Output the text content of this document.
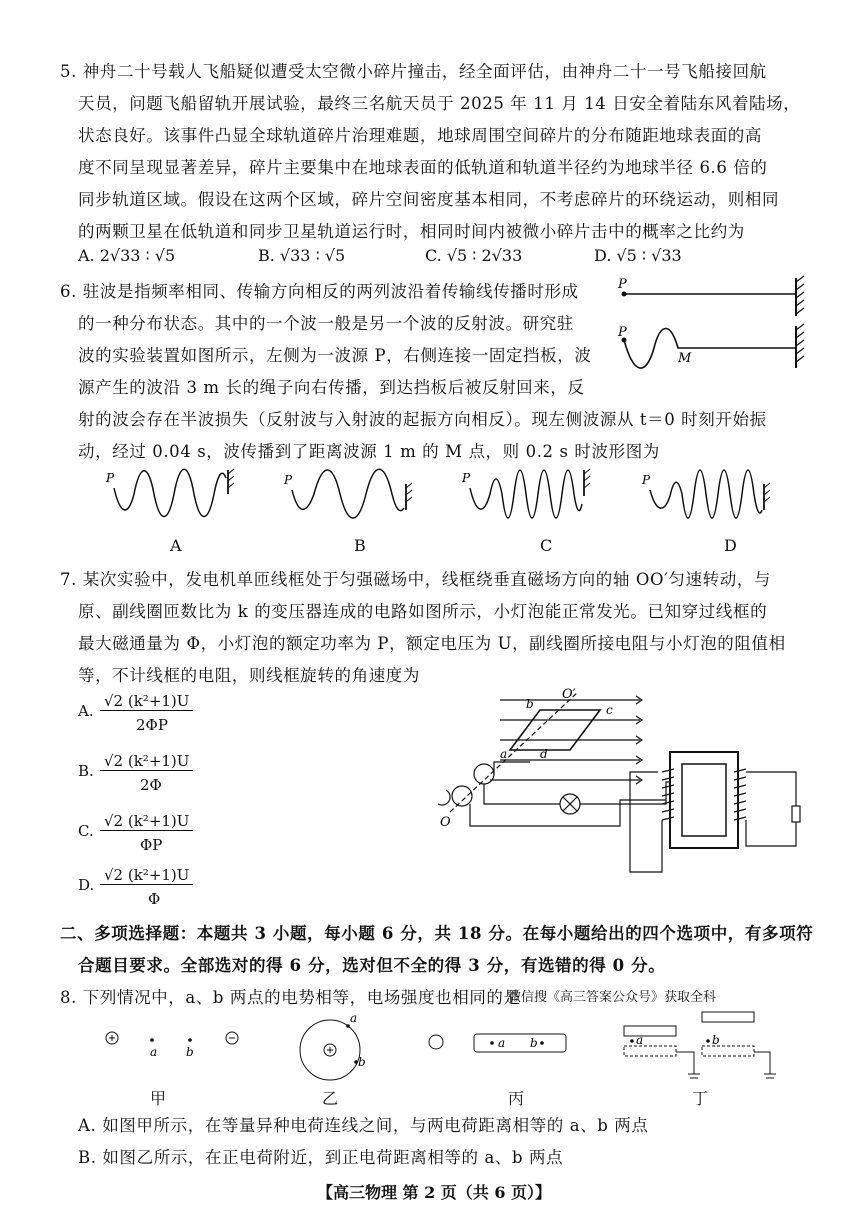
5. 神舟二十号载人飞船疑似遭受太空微小碎片撞击，经全面评估，由神舟二十一号飞船接回航
天员，问题飞船留轨开展试验，最终三名航天员于 2025 年 11 月 14 日安全着陆东风着陆场，
状态良好。该事件凸显全球轨道碎片治理难题，地球周围空间碎片的分布随距地球表面的高
度不同呈现显著差异，碎片主要集中在地球表面的低轨道和轨道半径约为地球半径 6.6 倍的
同步轨道区域。假设在这两个区域，碎片空间密度基本相同，不考虑碎片的环绕运动，则相同
的两颗卫星在低轨道和同步卫星轨道运行时，相同时间内被微小碎片击中的概率之比约为
A. 2√33 ∶ √5	B. √33 ∶ √5	C. √5 ∶ 2√33	D. √5 ∶ √33
6. 驻波是指频率相同、传输方向相反的两列波沿着传输线传播时形成
的一种分布状态。其中的一个波一般是另一个波的反射波。研究驻
波的实验装置如图所示，左侧为一波源 P，右侧连接一固定挡板，波
源产生的波沿 3 m 长的绳子向右传播，到达挡板后被反射回来，反
射的波会存在半波损失（反射波与入射波的起振方向相反）。现左侧波源从 t＝0 时刻开始振
动，经过 0.04 s，波传播到了距离波源 1 m 的 M 点，则 0.2 s 时波形图为
P
P
M
P
A
P
B
P
C
P
D
7. 某次实验中，发电机单匝线框处于匀强磁场中，线框绕垂直磁场方向的轴 OO′匀速转动，与
原、副线圈匝数比为 k 的变压器连成的电路如图所示，小灯泡能正常发光。已知穿过线框的
最大磁通量为 Φ，小灯泡的额定功率为 P，额定电压为 U，副线圈所接电阻与小灯泡的阻值相
等，不计线框的电阻，则线框旋转的角速度为
A.
√2 (k²+1)U
2ΦP
B.
√2 (k²+1)U
2Φ
C.
√2 (k²+1)U
ΦP
D.
√2 (k²+1)U
Φ
O′
O
a
b	c
d
二、多项选择题：本题共 3 小题，每小题 6 分，共 18 分。在每小题给出的四个选项中，有多项符
合题目要求。全部选对的得 6 分，选对但不全的得 3 分，有选错的得 0 分。
8. 下列情况中，a、b 两点的电势相等，电场强度也相同的是
微信搜《高三答案公众号》获取全科
a b
a
b
a b	a	b
甲	乙	丙	丁
A. 如图甲所示，在等量异种电荷连线之间，与两电荷距离相等的 a、b 两点
B. 如图乙所示，在正电荷附近，到正电荷距离相等的 a、b 两点
【高三物理 第 2 页（共 6 页）】
